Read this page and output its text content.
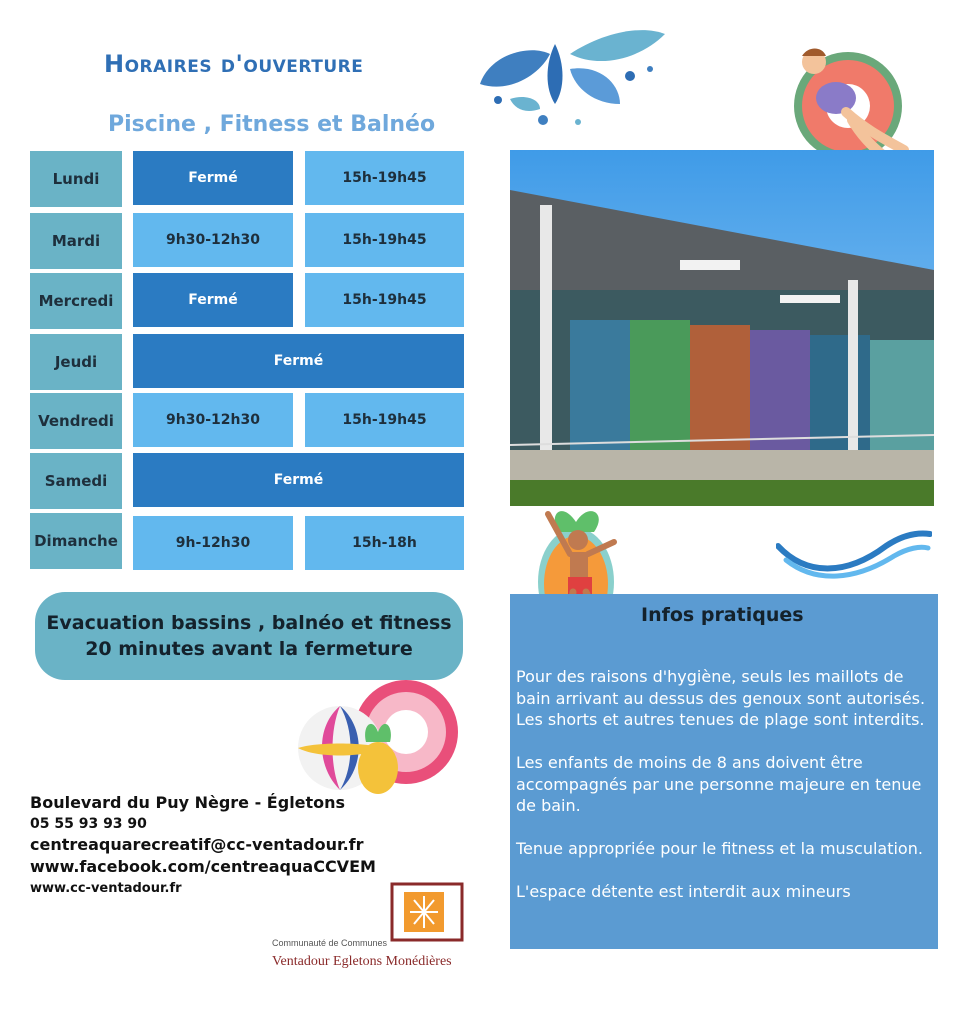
Horaires d'ouverture
Piscine , Fitness et Balnéo
Lundi	Fermé	15h-19h45
Mardi	9h30-12h30	15h-19h45
Mercredi	Fermé	15h-19h45
Jeudi	Fermé
Vendredi	9h30-12h30	15h-19h45
Samedi	Fermé
Dimanche	9h-12h30	15h-18h
Evacuation bassins , balnéo et fitness
20 minutes avant la fermeture
Boulevard du Puy Nègre - Égletons
05 55 93 93 90
centreaquarecreatif@cc-ventadour.fr
www.facebook.com/centreaquaCCVEM
www.cc-ventadour.fr
Communauté de Communes
Ventadour Egletons Monédières
Infos pratiques

Pour des raisons d'hygiène, seuls les maillots de bain arrivant au dessus des genoux sont autorisés. Les shorts et autres tenues de plage sont interdits.

Les enfants de moins de 8 ans doivent être accompagnés par une personne majeure en tenue de bain.

Tenue appropriée pour le fitness et la musculation.

L'espace détente est interdit aux mineurs
